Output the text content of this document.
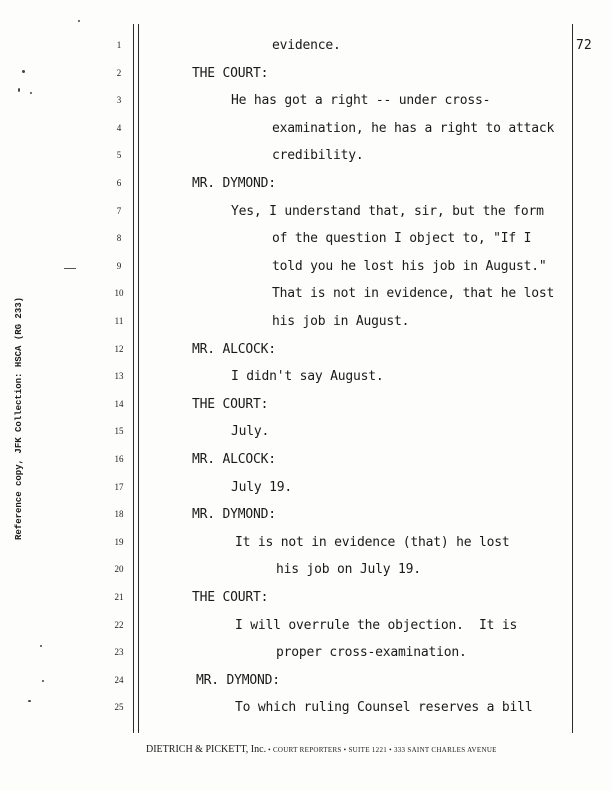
72
Reference copy, JFK Collection: HSCA (RG 233)
1	evidence.
2	THE COURT:
3	He has got a right -- under cross-
4	examination, he has a right to attack
5	credibility.
6	MR. DYMOND:
7	Yes, I understand that, sir, but the form
8	of the question I object to, "If I
9	told you he lost his job in August."
10	That is not in evidence, that he lost
11	his job in August.
12	MR. ALCOCK:
13	I didn't say August.
14	THE COURT:
15	July.
16	MR. ALCOCK:
17	July 19.
18	MR. DYMOND:
19	It is not in evidence (that) he lost
20	his job on July 19.
21	THE COURT:
22	I will overrule the objection.  It is
23	proper cross-examination.
24	MR. DYMOND:
25	To which ruling Counsel reserves a bill
DIETRICH & PICKETT, Inc. • COURT REPORTERS • SUITE 1221 • 333 SAINT CHARLES AVENUE
